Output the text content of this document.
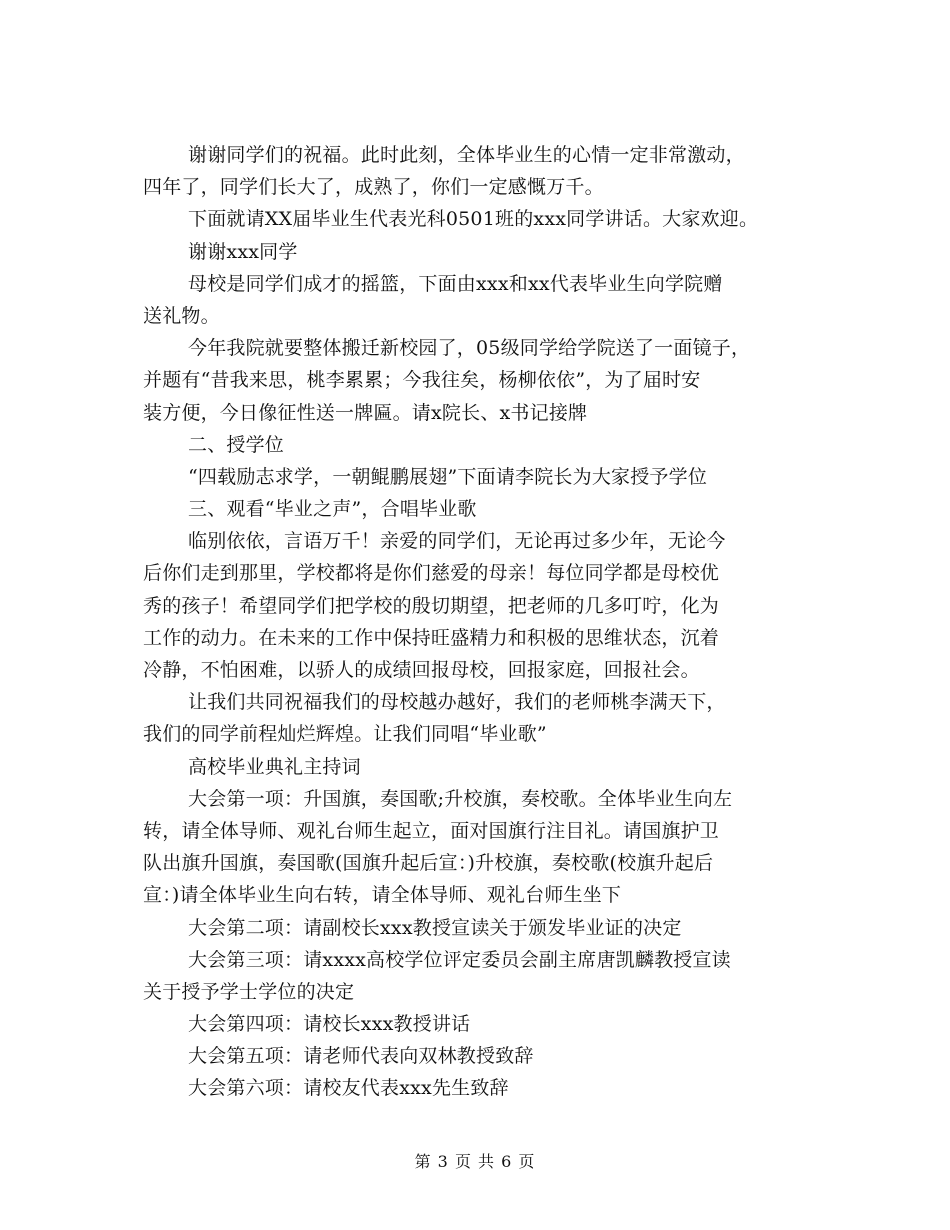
谢谢同学们的祝福。此时此刻，全体毕业生的心情一定非常激动，
四年了，同学们长大了，成熟了，你们一定感慨万千。
下面就请XX届毕业生代表光科0501班的xxx同学讲话。大家欢迎。
谢谢xxx同学
母校是同学们成才的摇篮，下面由xxx和xx代表毕业生向学院赠
送礼物。
今年我院就要整体搬迁新校园了，05级同学给学院送了一面镜子，
并题有“昔我来思，桃李累累；今我往矣，杨柳依依”，为了届时安
装方便，今日像征性送一牌匾。请x院长、x书记接牌
二、授学位
“四载励志求学，一朝鲲鹏展翅”下面请李院长为大家授予学位
三、观看“毕业之声”，合唱毕业歌
临别依依，言语万千！亲爱的同学们，无论再过多少年，无论今
后你们走到那里，学校都将是你们慈爱的母亲！每位同学都是母校优
秀的孩子！希望同学们把学校的殷切期望，把老师的几多叮咛，化为
工作的动力。在未来的工作中保持旺盛精力和积极的思维状态，沉着
冷静，不怕困难，以骄人的成绩回报母校，回报家庭，回报社会。
让我们共同祝福我们的母校越办越好，我们的老师桃李满天下，
我们的同学前程灿烂辉煌。让我们同唱“毕业歌”
高校毕业典礼主持词
大会第一项：升国旗，奏国歌;升校旗，奏校歌。全体毕业生向左
转，请全体导师、观礼台师生起立，面对国旗行注目礼。请国旗护卫
队出旗升国旗，奏国歌(国旗升起后宣：)升校旗，奏校歌(校旗升起后
宣：)请全体毕业生向右转，请全体导师、观礼台师生坐下
大会第二项：请副校长xxx教授宣读关于颁发毕业证的决定
大会第三项：请xxxx高校学位评定委员会副主席唐凯麟教授宣读
关于授予学士学位的决定
大会第四项：请校长xxx教授讲话
大会第五项：请老师代表向双林教授致辞
大会第六项：请校友代表xxx先生致辞
第 3 页 共 6 页
